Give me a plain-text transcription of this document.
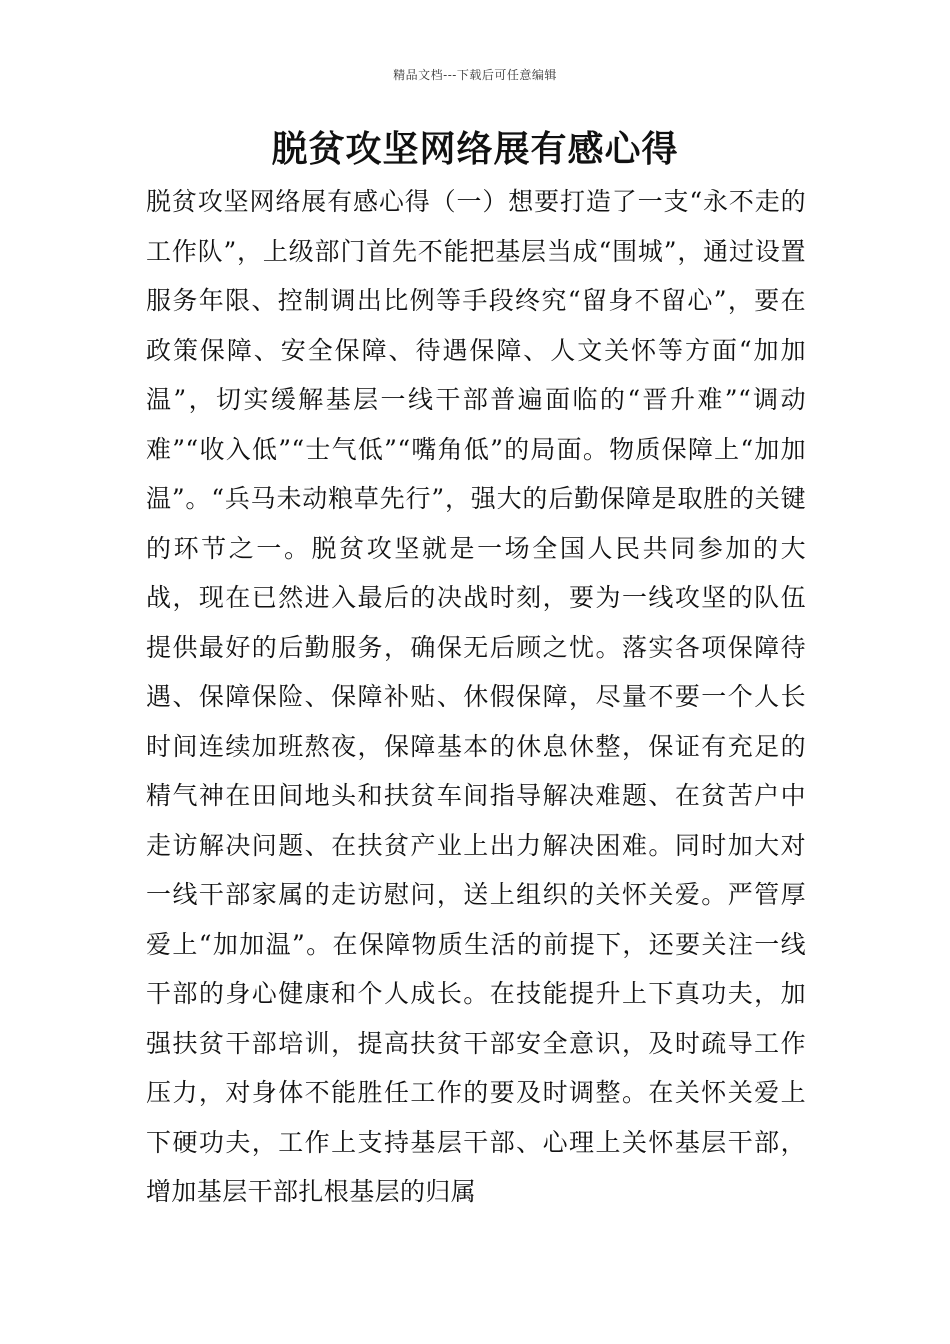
精品文档---下载后可任意编辑
脱贫攻坚网络展有感心得

脱贫攻坚网络展有感心得（一）想要打造了一支“永不走的工作队”，上级部门首先不能把基层当成“围城”，通过设置服务年限、控制调出比例等手段终究“留身不留心”，要在政策保障、安全保障、待遇保障、人文关怀等方面“加加温”，切实缓解基层一线干部普遍面临的“晋升难”“调动难”“收入低”“士气低”“嘴角低”的局面。物质保障上“加加温”。“兵马未动粮草先行”，强大的后勤保障是取胜的关键的环节之一。脱贫攻坚就是一场全国人民共同参加的大战，现在已然进入最后的决战时刻，要为一线攻坚的队伍提供最好的后勤服务，确保无后顾之忧。落实各项保障待遇、保障保险、保障补贴、休假保障，尽量不要一个人长时间连续加班熬夜，保障基本的休息休整，保证有充足的精气神在田间地头和扶贫车间指导解决难题、在贫苦户中走访解决问题、在扶贫产业上出力解决困难。同时加大对一线干部家属的走访慰问，送上组织的关怀关爱。严管厚爱上“加加温”。在保障物质生活的前提下，还要关注一线干部的身心健康和个人成长。在技能提升上下真功夫，加强扶贫干部培训，提高扶贫干部安全意识，及时疏导工作压力，对身体不能胜任工作的要及时调整。在关怀关爱上下硬功夫，工作上支持基层干部、心理上关怀基层干部，增加基层干部扎根基层的归属
